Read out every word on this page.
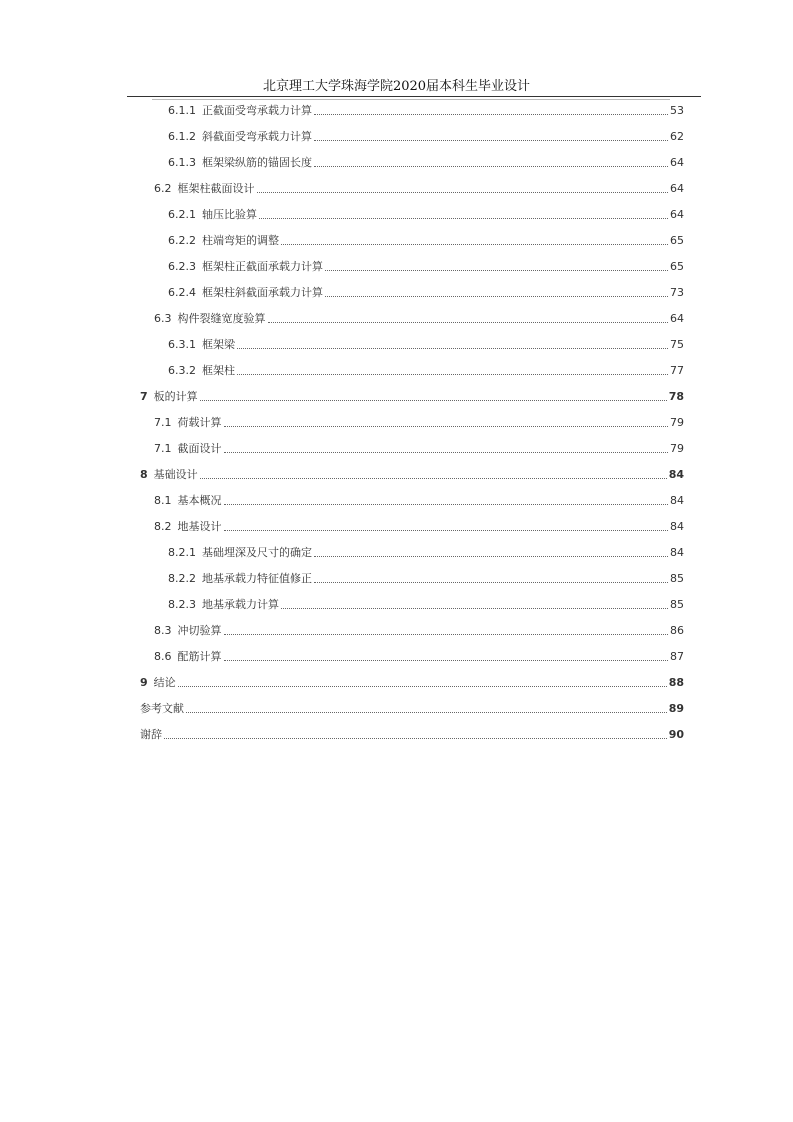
北京理工大学珠海学院2020届本科生毕业设计
6.1.1 正截面受弯承载力计算	53
6.1.2 斜截面受弯承载力计算	62
6.1.3 框架梁纵筋的锚固长度	64
6.2 框架柱截面设计	64
6.2.1 轴压比验算	64
6.2.2 柱端弯矩的调整	65
6.2.3 框架柱正截面承载力计算	65
6.2.4 框架柱斜截面承载力计算	73
6.3 构件裂缝宽度验算	64
6.3.1 框架梁	75
6.3.2 框架柱	77
7 板的计算	78
7.1 荷载计算	79
7.1 截面设计	79
8 基础设计	84
8.1 基本概况	84
8.2 地基设计	84
8.2.1 基础埋深及尺寸的确定	84
8.2.2 地基承载力特征值修正	85
8.2.3 地基承载力计算	85
8.3 冲切验算	86
8.6 配筋计算	87
9 结论	88
参考文献	89
谢辞	90
